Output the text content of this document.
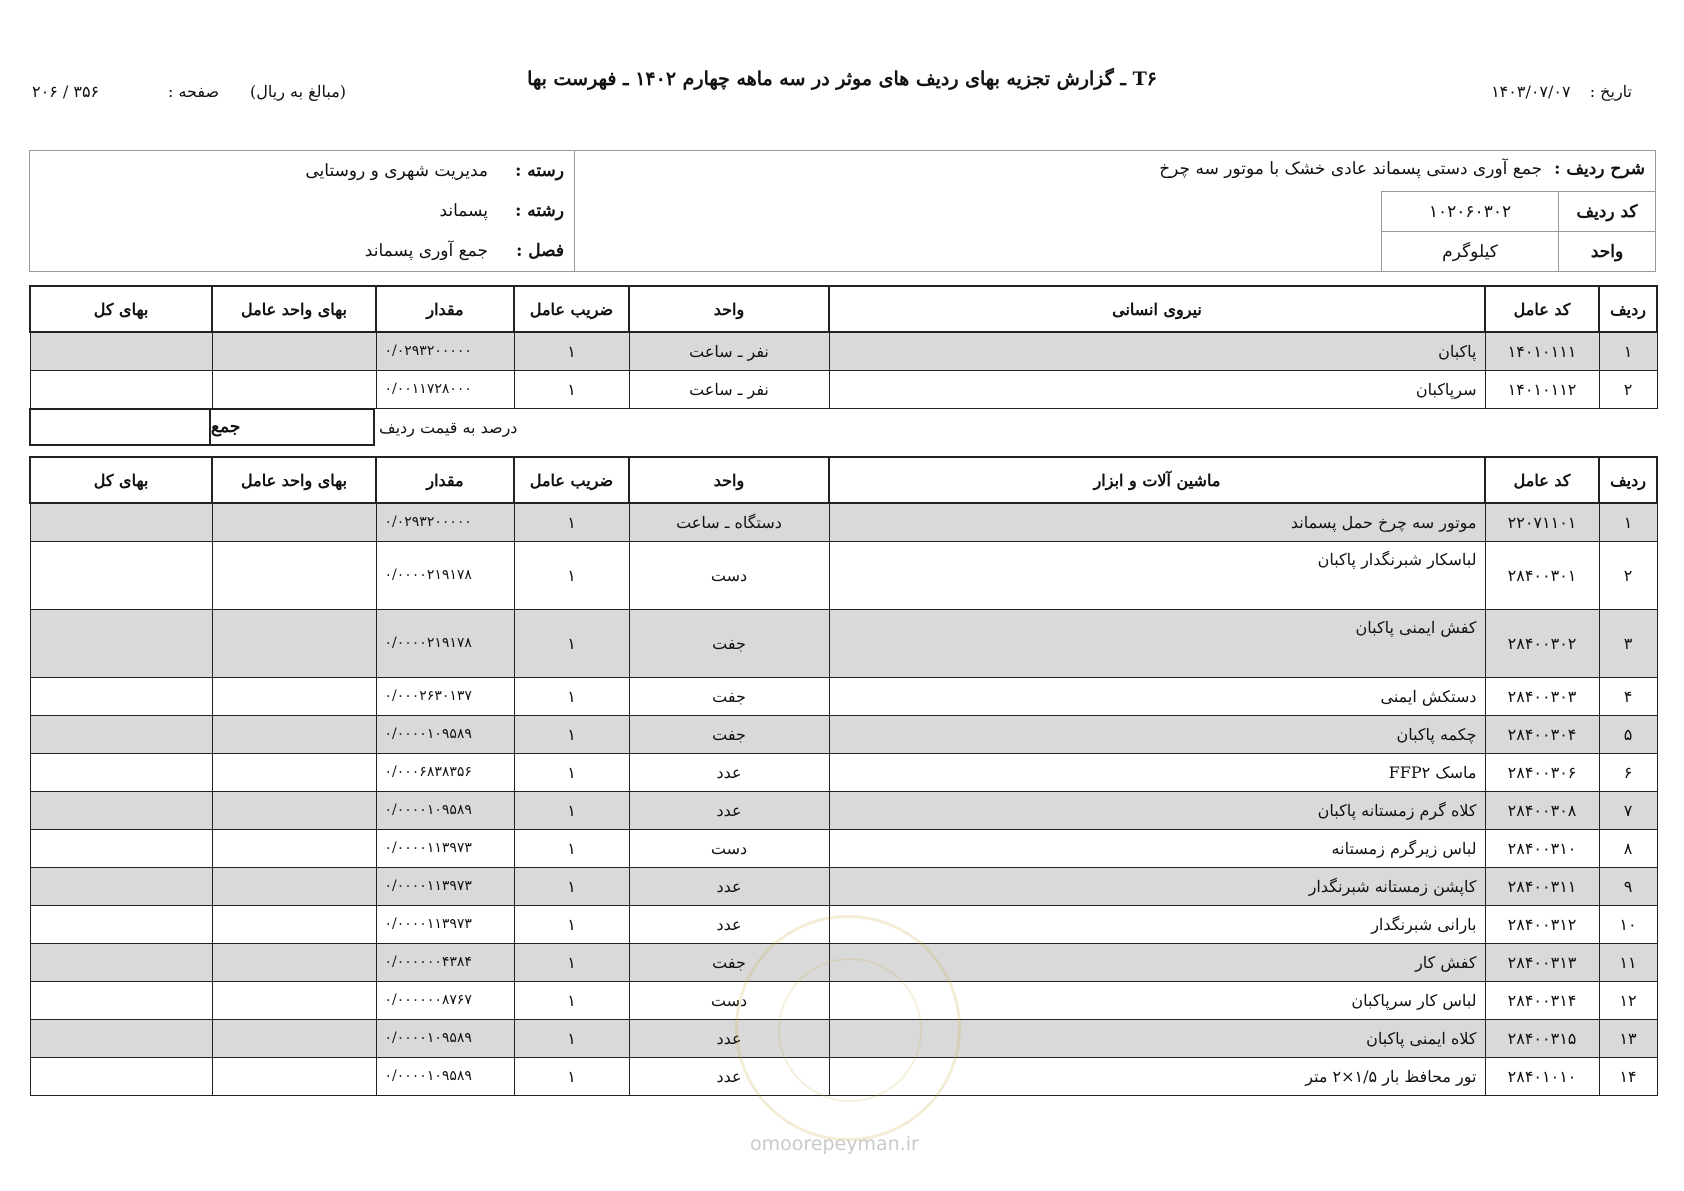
T۶ ـ گزارش تجزیه بهای ردیف های موثر در سه ماهه چهارم ۱۴۰۲ ـ فهرست بها
تاریخ : ۱۴۰۳/۰۷/۰۷
(مبالغ به ریال)
صفحه :
۲۰۶ / ۳۵۶
رسته :
مدیریت شهری و روستایی
رشته :
پسماند
فصل :
جمع آوری پسماند
شرح ردیف :جمع آوری دستی پسماند عادی خشک با موتور سه چرخ
کد ردیف
۱۰۲۰۶۰۳۰۲
واحد
کیلوگرم
ردیف	کد عامل	نیروی انسانی	واحد	ضریب عامل	مقدار	بهای واحد عامل	بهای کل
۱	۱۴۰۱۰۱۱۱	پاکبان	نفر ـ ساعت	۱	۰/۰۲۹۳۲۰۰۰۰۰		
۲	۱۴۰۱۰۱۱۲	سرپاکبان	نفر ـ ساعت	۱	۰/۰۰۱۱۷۲۸۰۰۰		
جمع	درصد به قیمت ردیف
ردیف	کد عامل	ماشین آلات و ابزار	واحد	ضریب عامل	مقدار	بهای واحد عامل	بهای کل
۱	۲۲۰۷۱۱۰۱	موتور سه چرخ حمل پسماند	دستگاه ـ ساعت	۱	۰/۰۲۹۳۲۰۰۰۰۰		
۲	۲۸۴۰۰۳۰۱	لباسکار شبرنگدار پاکبان	دست	۱	۰/۰۰۰۰۲۱۹۱۷۸		
۳	۲۸۴۰۰۳۰۲	کفش ایمنی پاکبان	جفت	۱	۰/۰۰۰۰۲۱۹۱۷۸		
۴	۲۸۴۰۰۳۰۳	دستکش ایمنی	جفت	۱	۰/۰۰۰۲۶۳۰۱۳۷		
۵	۲۸۴۰۰۳۰۴	چکمه پاکبان	جفت	۱	۰/۰۰۰۰۱۰۹۵۸۹		
۶	۲۸۴۰۰۳۰۶	ماسک FFP۲	عدد	۱	۰/۰۰۰۶۸۳۸۳۵۶		
۷	۲۸۴۰۰۳۰۸	کلاه گرم زمستانه پاکبان	عدد	۱	۰/۰۰۰۰۱۰۹۵۸۹		
۸	۲۸۴۰۰۳۱۰	لباس زیرگرم زمستانه	دست	۱	۰/۰۰۰۰۱۱۳۹۷۳		
۹	۲۸۴۰۰۳۱۱	کاپشن زمستانه شبرنگدار	عدد	۱	۰/۰۰۰۰۱۱۳۹۷۳		
۱۰	۲۸۴۰۰۳۱۲	بارانی شبرنگدار	عدد	۱	۰/۰۰۰۰۱۱۳۹۷۳		
۱۱	۲۸۴۰۰۳۱۳	کفش کار	جفت	۱	۰/۰۰۰۰۰۰۴۳۸۴		
۱۲	۲۸۴۰۰۳۱۴	لباس کار سرپاکبان	دست	۱	۰/۰۰۰۰۰۰۸۷۶۷		
۱۳	۲۸۴۰۰۳۱۵	کلاه ایمنی پاکبان	عدد	۱	۰/۰۰۰۰۱۰۹۵۸۹		
۱۴	۲۸۴۰۱۰۱۰	تور محافظ بار ۱/۵×۲ متر	عدد	۱	۰/۰۰۰۰۱۰۹۵۸۹		
omoorepeyman.ir
